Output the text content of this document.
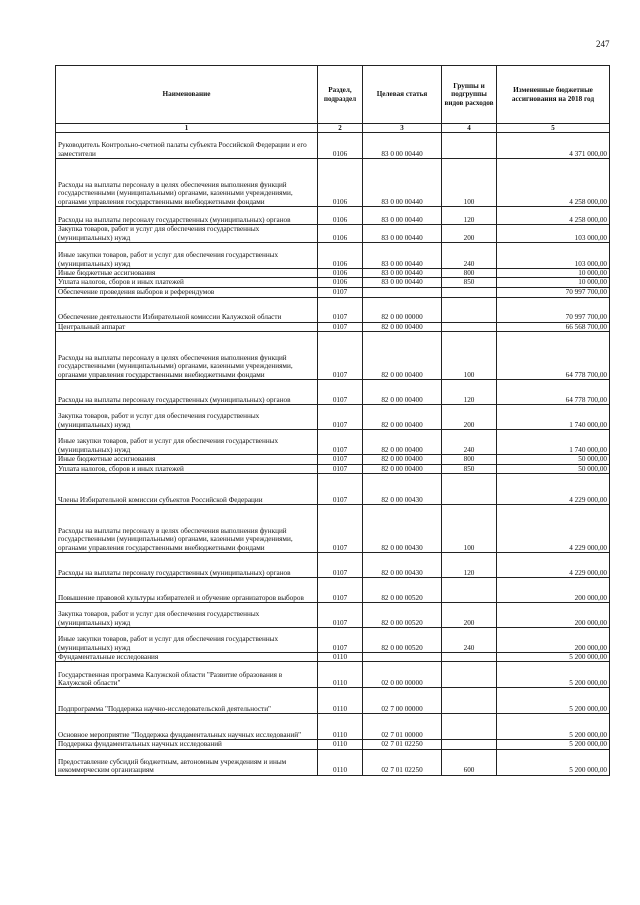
247
Наименование	Раздел, подраздел	Целевая статья	Группы и подгруппы видов расходов	Измененные бюджетные ассигнования на 2018 год
1	2	3	4	5
Руководитель Контрольно-счетной палаты субъекта Российской Федерации и его заместители	0106	83 0 00 00440		4 371 000,00
Расходы на выплаты персоналу в целях обеспечения выполнения функций государственными (муниципальными) органами, казенными учреждениями, органами управления государственными внебюджетными фондами	0106	83 0 00 00440	100	4 258 000,00
Расходы на выплаты персоналу государственных (муниципальных) органов	0106	83 0 00 00440	120	4 258 000,00
Закупка товаров, работ и услуг для обеспечения государственных (муниципальных) нужд	0106	83 0 00 00440	200	103 000,00
Иные закупки товаров, работ и услуг для обеспечения государственных (муниципальных) нужд	0106	83 0 00 00440	240	103 000,00
Иные бюджетные ассигнования	0106	83 0 00 00440	800	10 000,00
Уплата налогов, сборов и иных платежей	0106	83 0 00 00440	850	10 000,00
Обеспечение проведения выборов и референдумов	0107			70 997 700,00
Обеспечение деятельности Избирательной комиссии Калужской области	0107	82 0 00 00000		70 997 700,00
Центральный аппарат	0107	82 0 00 00400		66 568 700,00
Расходы на выплаты персоналу в целях обеспечения выполнения функций государственными (муниципальными) органами, казенными учреждениями, органами управления государственными внебюджетными фондами	0107	82 0 00 00400	100	64 778 700,00
Расходы на выплаты персоналу государственных (муниципальных) органов	0107	82 0 00 00400	120	64 778 700,00
Закупка товаров, работ и услуг для обеспечения государственных (муниципальных) нужд	0107	82 0 00 00400	200	1 740 000,00
Иные закупки товаров, работ и услуг для обеспечения государственных (муниципальных) нужд	0107	82 0 00 00400	240	1 740 000,00
Иные бюджетные ассигнования	0107	82 0 00 00400	800	50 000,00
Уплата налогов, сборов и иных платежей	0107	82 0 00 00400	850	50 000,00
Члены Избирательной комиссии субъектов Российской Федерации	0107	82 0 00 00430		4 229 000,00
Расходы на выплаты персоналу в целях обеспечения выполнения функций государственными (муниципальными) органами, казенными учреждениями, органами управления государственными внебюджетными фондами	0107	82 0 00 00430	100	4 229 000,00
Расходы на выплаты персоналу государственных (муниципальных) органов	0107	82 0 00 00430	120	4 229 000,00
Повышение правовой культуры избирателей и обучение организаторов выборов	0107	82 0 00 00520		200 000,00
Закупка товаров, работ и услуг для обеспечения государственных (муниципальных) нужд	0107	82 0 00 00520	200	200 000,00
Иные закупки товаров, работ и услуг для обеспечения государственных (муниципальных) нужд	0107	82 0 00 00520	240	200 000,00
Фундаментальные исследования	0110			5 200 000,00
Государственная программа Калужской области "Развитие образования в Калужской области"	0110	02 0 00 00000		5 200 000,00
Подпрограмма "Поддержка научно-исследовательской деятельности"	0110	02 7 00 00000		5 200 000,00
Основное мероприятие "Поддержка фундаментальных научных исследований"	0110	02 7 01 00000		5 200 000,00
Поддержка фундаментальных научных исследований	0110	02 7 01 02250		5 200 000,00
Предоставление субсидий бюджетным, автономным учреждениям и иным некоммерческим организациям	0110	02 7 01 02250	600	5 200 000,00
